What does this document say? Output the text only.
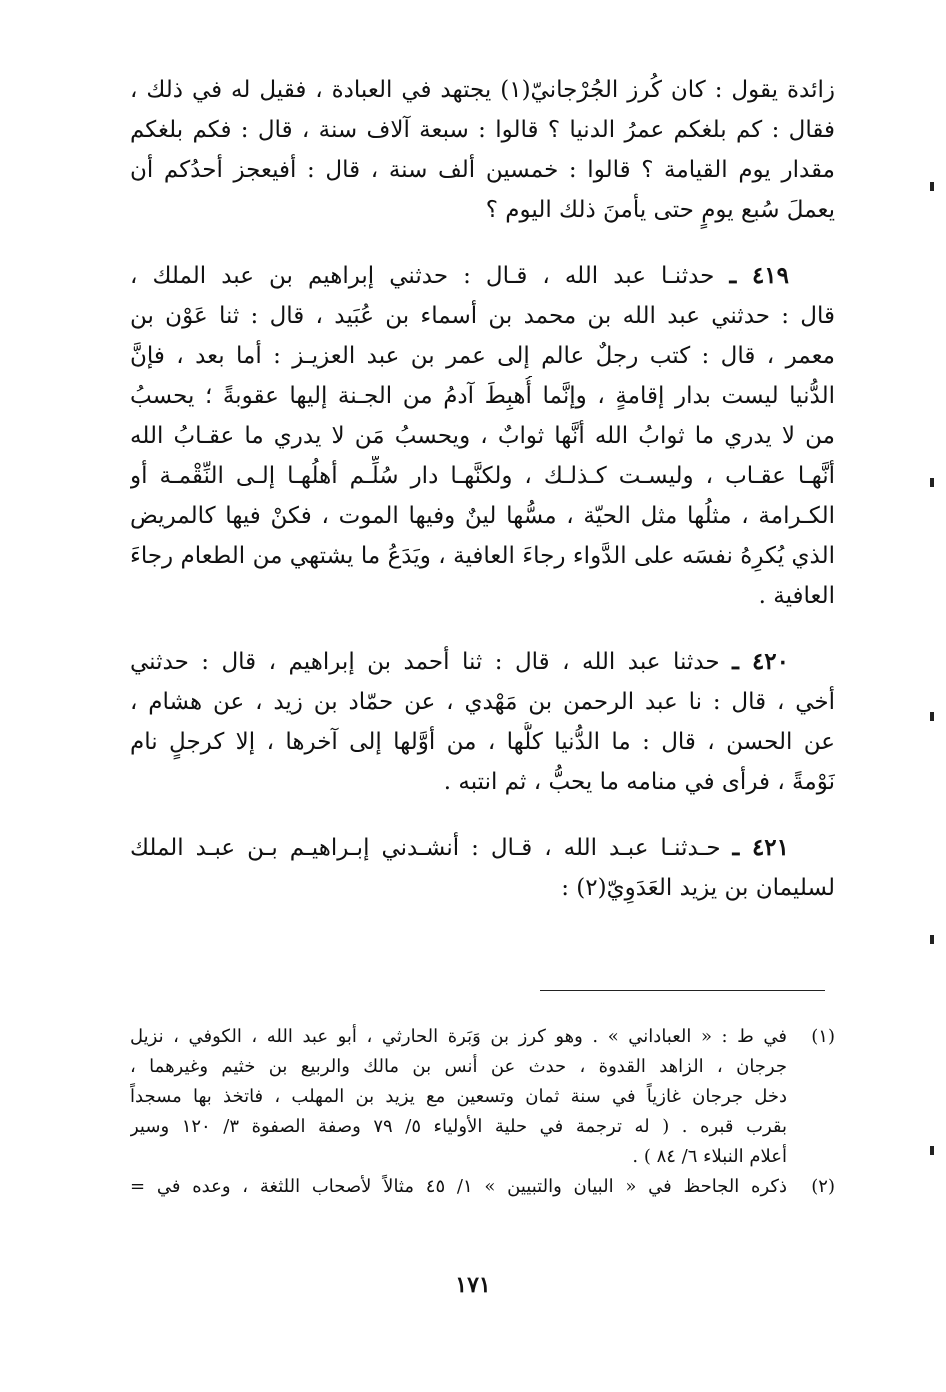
زائدة يقول : كان كُرز الجُرْجانيّ(١) يجتهد في العبادة ، فقيل له في ذلك ،
فقال : كم بلغكم عمرُ الدنيا ؟ قالوا : سبعة آلاف سنة ، قال : فكم بلغكم
مقدار يوم القيامة ؟ قالوا : خمسين ألف سنة ، قال : أفيعجز أحدُكم أن
يعملَ سُبع يومٍ حتى يأمنَ ذلك اليوم ؟
  ٤١٩ ـ حدثنـا عبد الله ، قـال : حدثني إبراهيم بن عبد الملك ،
قال : حدثني عبد الله بن محمد بن أسماء بن عُبَيد ، قال : ثنا عَوْن بن
معمر ، قال : كتب رجلٌ عالم إلى عمر بن عبد العزيـز : أما بعد ، فإنَّ
الدُّنيا ليست بدار إقامةٍ ، وإنَّما أُهبِطَ آدمُ من الجـنة إليها عقوبةً ؛ يحسبُ
من لا يدري ما ثوابُ الله أنَّها ثوابٌ ، ويحسبُ مَن لا يدري ما عقـابُ الله
أنَّهـا عقـاب ، وليسـت كـذلـك ، ولكنَّهـا دار سُلِّـم أهلُهـا إلـى النِّقْمـة أو
الكـرامة ، مثلُها مثل الحيّة ، مسُّها لينٌ وفيها الموت ، فكنْ فيها كالمريض
الذي يُكرِهُ نفسَه على الدَّواء رجاءَ العافية ، ويَدَعُ ما يشتهي من الطعام رجاءَ
العافية .
  ٤٢٠ ـ حدثنا عبد الله ، قال : ثنا أحمد بن إبراهيم ، قال : حدثني
أخي ، قال : نا عبد الرحمن بن مَهْدي ، عن حمّاد بن زيد ، عن هشام ،
عن الحسن ، قال : ما الدُّنيا كلُّها ، من أوَّلها إلى آخرها ، إلا كرجلٍ نام
نَوْمةً ، فرأى في منامه ما يحبُّ ، ثم انتبه .
  ٤٢١ ـ حـدثنـا عبـد الله ، قـال : أنشـدني إبـراهيـم بـن عبـد الملك
لسليمان بن يزيد العَدَوِيّ(٢) :
(١)
في ط : « العباداني » . وهو كرز بن وَبَرة الحارثي ، أبو عبد الله ، الكوفي ، نزيل
جرجان ، الزاهد القدوة ، حدث عن أنس بن مالك والربيع بن خثيم وغيرهما ،
دخل جرجان غازياً في سنة ثمان وتسعين مع يزيد بن المهلب ، فاتخذ بها مسجداً
بقرب قبره . ( له ترجمة في حلية الأولياء ٥/ ٧٩ وصفة الصفوة ٣/ ١٢٠ وسير
أعلام النبلاء ٦/ ٨٤ ) .
(٢)
ذكره الجاحظ في « البيان والتبيين » ١/ ٤٥ مثالاً لأصحاب اللثغة ، وعده في =
١٧١
